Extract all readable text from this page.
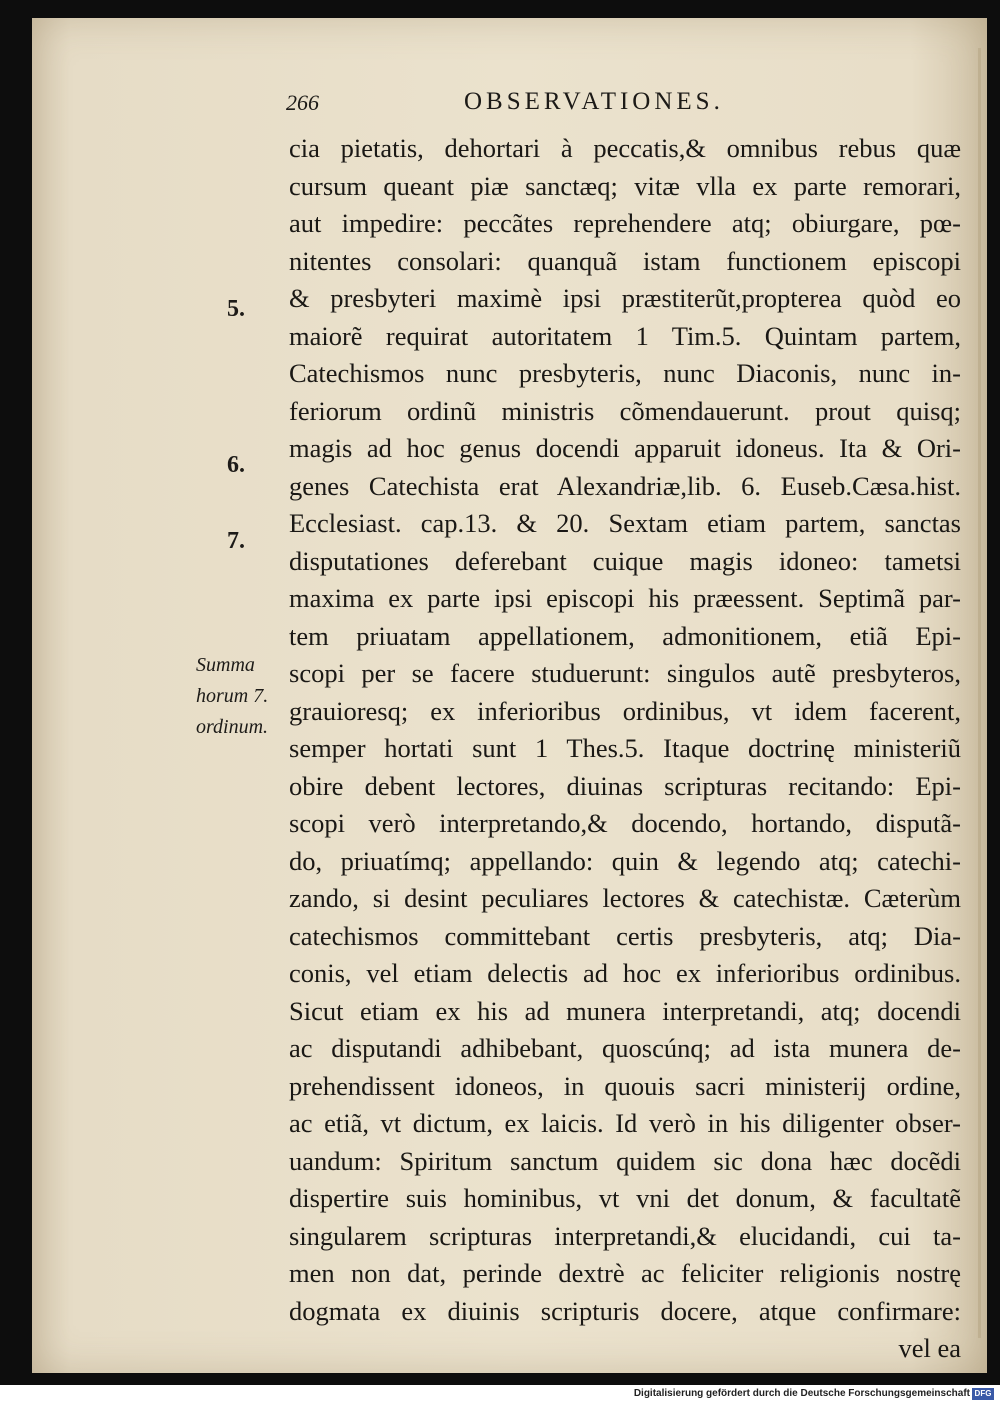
266	OBSERVATIONES.
5.
6.
7.
Summa
horum 7.
ordinum.
cia pietatis, dehortari à peccatis,& omnibus rebus quæ
cursum queant piæ sanctæq; vitæ vlla ex parte remorari,
aut impedire: peccãtes reprehendere atq; obiurgare, pœ-
nitentes consolari: quanquã istam functionem episcopi
& presbyteri maximè ipsi præstiterũt,propterea quòd eo
maiorẽ requirat autoritatem 1 Tim.5. Quintam partem,
Catechismos nunc presbyteris, nunc Diaconis, nunc in-
feriorum ordinũ ministris cõmendauerunt. prout quisq;
magis ad hoc genus docendi apparuit idoneus. Ita & Ori-
genes Catechista erat Alexandriæ,lib. 6. Euseb.Cæsa.hist.
Ecclesiast. cap.13. & 20. Sextam etiam partem, sanctas
disputationes deferebant cuique magis idoneo: tametsi
maxima ex parte ipsi episcopi his præessent. Septimã par-
tem priuatam appellationem, admonitionem, etiã Epi-
scopi per se facere studuerunt: singulos autẽ presbyteros,
grauioresq; ex inferioribus ordinibus, vt idem facerent,
semper hortati sunt 1 Thes.5. Itaque doctrinę ministeriũ
obire debent lectores, diuinas scripturas recitando: Epi-
scopi verò interpretando,& docendo, hortando, disputã-
do, priuatímq; appellando: quin & legendo atq; catechi-
zando, si desint peculiares lectores & catechistæ. Cæterùm
catechismos committebant certis presbyteris, atq; Dia-
conis, vel etiam delectis ad hoc ex inferioribus ordinibus.
Sicut etiam ex his ad munera interpretandi, atq; docendi
ac disputandi adhibebant, quoscúnq; ad ista munera de-
prehendissent idoneos, in quouis sacri ministerij ordine,
ac etiã, vt dictum, ex laicis. Id verò in his diligenter obser-
uandum: Spiritum sanctum quidem sic dona hæc docẽdi
dispertire suis hominibus, vt vni det donum, & facultatẽ
singularem scripturas interpretandi,& elucidandi, cui ta-
men non dat, perinde dextrè ac feliciter religionis nostrę
dogmata ex diuinis scripturis docere, atque confirmare:
vel ea
Digitalisierung gefördert durch die Deutsche Forschungsgemeinschaft DFG
